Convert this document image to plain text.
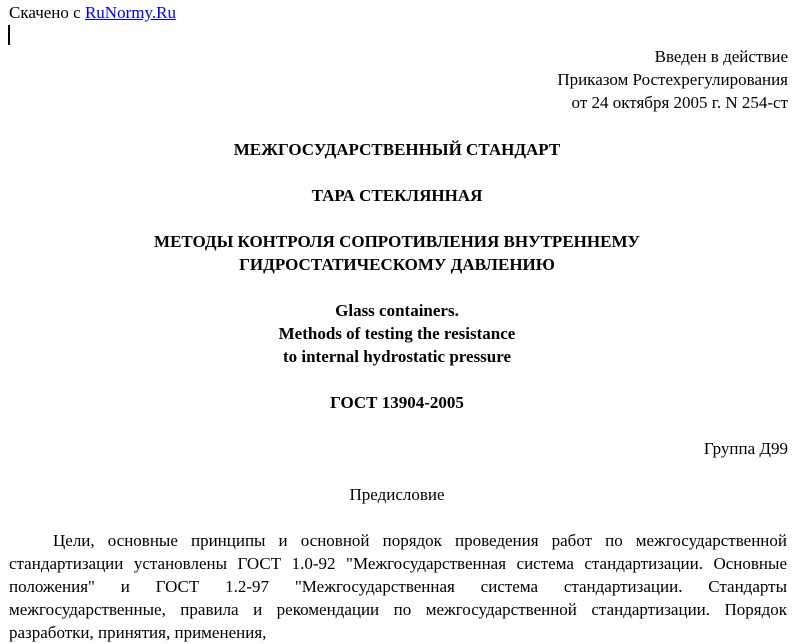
Скачено с RuNormy.Ru
Введен в действие
Приказом Ростехрегулирования
от 24 октября 2005 г. N 254-ст
МЕЖГОСУДАРСТВЕННЫЙ СТАНДАРТ
ТАРА СТЕКЛЯННАЯ
МЕТОДЫ КОНТРОЛЯ СОПРОТИВЛЕНИЯ ВНУТРЕННЕМУ
ГИДРОСТАТИЧЕСКОМУ ДАВЛЕНИЮ
Glass containers.
Methods of testing the resistance
to internal hydrostatic pressure
ГОСТ 13904-2005
Группа Д99
Предисловие
Цели, основные принципы и основной порядок проведения работ по межгосударственной стандартизации установлены ГОСТ 1.0-92 "Межгосударственная система стандартизации. Основные положения" и ГОСТ 1.2-97 "Межгосударственная система стандартизации. Стандарты межгосударственные, правила и рекомендации по межгосударственной стандартизации. Порядок разработки, принятия, применения,
